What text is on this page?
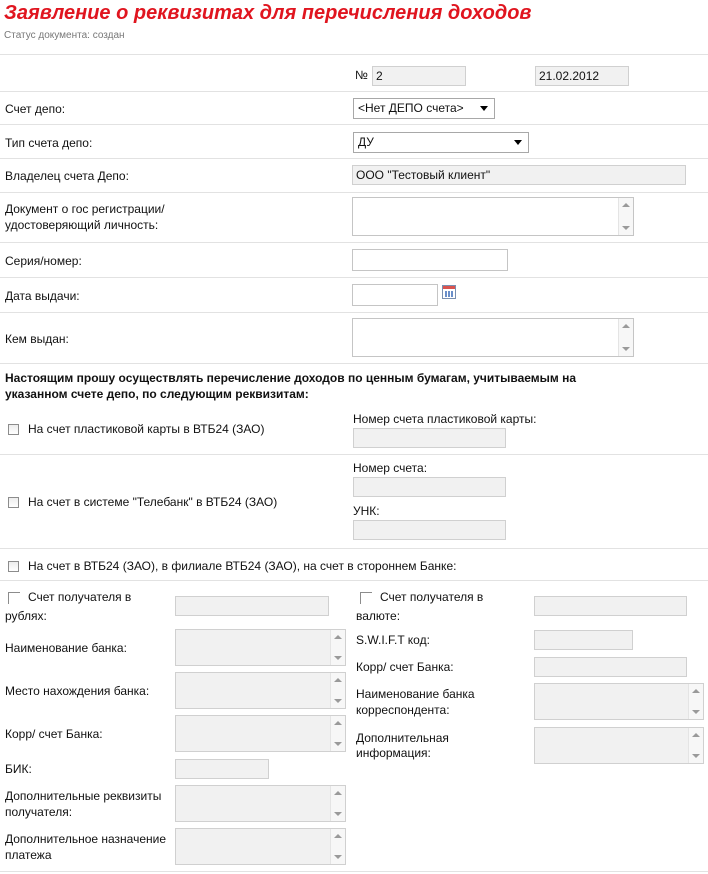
Заявление о реквизитах для перечисления доходов
Статус документа: создан
№
2
21.02.2012
Счет депо:	<Нет ДЕПО счета>
Тип счета депо:	ДУ
Владелец счета Депо:
ООО "Тестовый клиент"
Документ о гос регистрации/
удостоверяющий личность:
Серия/номер:
Дата выдачи:
Кем выдан:
Настоящим прошу осуществлять перечисление доходов по ценным бумагам, учитываемым на
указанном счете депо, по следующим реквизитам:
На счет пластиковой карты в ВТБ24 (ЗАО)
Номер счета пластиковой карты:
На счет в системе "Телебанк" в ВТБ24 (ЗАО)
Номер счета:
УНК:
На счет в ВТБ24 (ЗАО), в филиале ВТБ24 (ЗАО), на счет в стороннем Банке:
Счет получателя в
рублях:
Наименование банка:
Место нахождения банка:
Корр/ счет Банка:
БИК:
Дополнительные реквизиты
получателя:
Дополнительное назначение
платежа
Счет получателя в
валюте:
S.W.I.F.T код:
Корр/ счет Банка:
Наименование банка
корреспондента:
Дополнительная
информация:
